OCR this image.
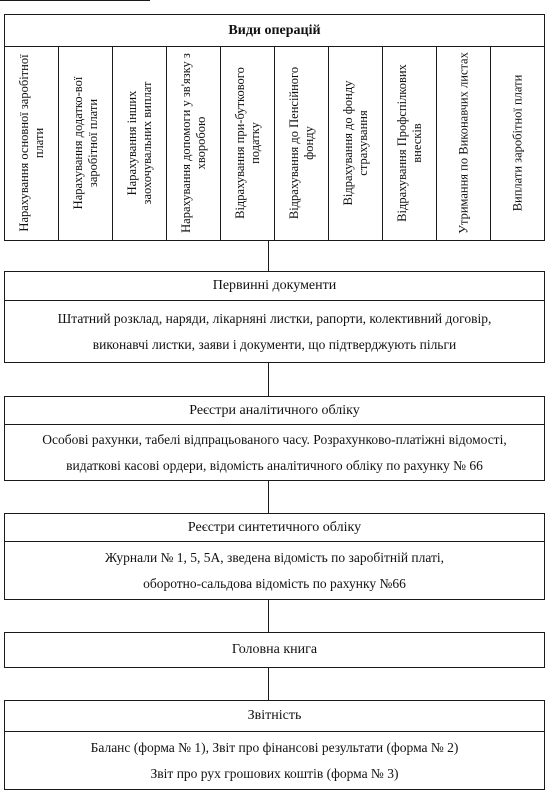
Види операцій
Нарахування основної заробітної плати Нарахування додатко-вої заробітної плати Нарахування інших заохочувальних виплат Нарахування допомоги у зв'язку з хворобою Відрахування при-буткового податку Відрахування до Пенсійного фонду Відрахування до фонду страхування Відрахування Профспілкових внесків	Утримання по Виконавчих листах	Виплати заробітної плати
Первинні документи
Штатний розклад, наряди, лікарняні листки, рапорти, колективний договір,
виконавчі листки, заяви і документи, що підтверджують пільги
Реєстри аналітичного обліку
Особові рахунки, табелі відпрацьованого часу. Розрахунково-платіжні відомості,
видаткові касові ордери, відомість аналітичного обліку по рахунку № 66
Реєстри синтетичного обліку
Журнали № 1, 5, 5А, зведена відомість по заробітній платі,
оборотно-сальдова відомість по рахунку №66
Головна книга
Звітність
Баланс (форма № 1), Звіт про фінансові результати (форма № 2)
Звіт про рух грошових коштів (форма № 3)
